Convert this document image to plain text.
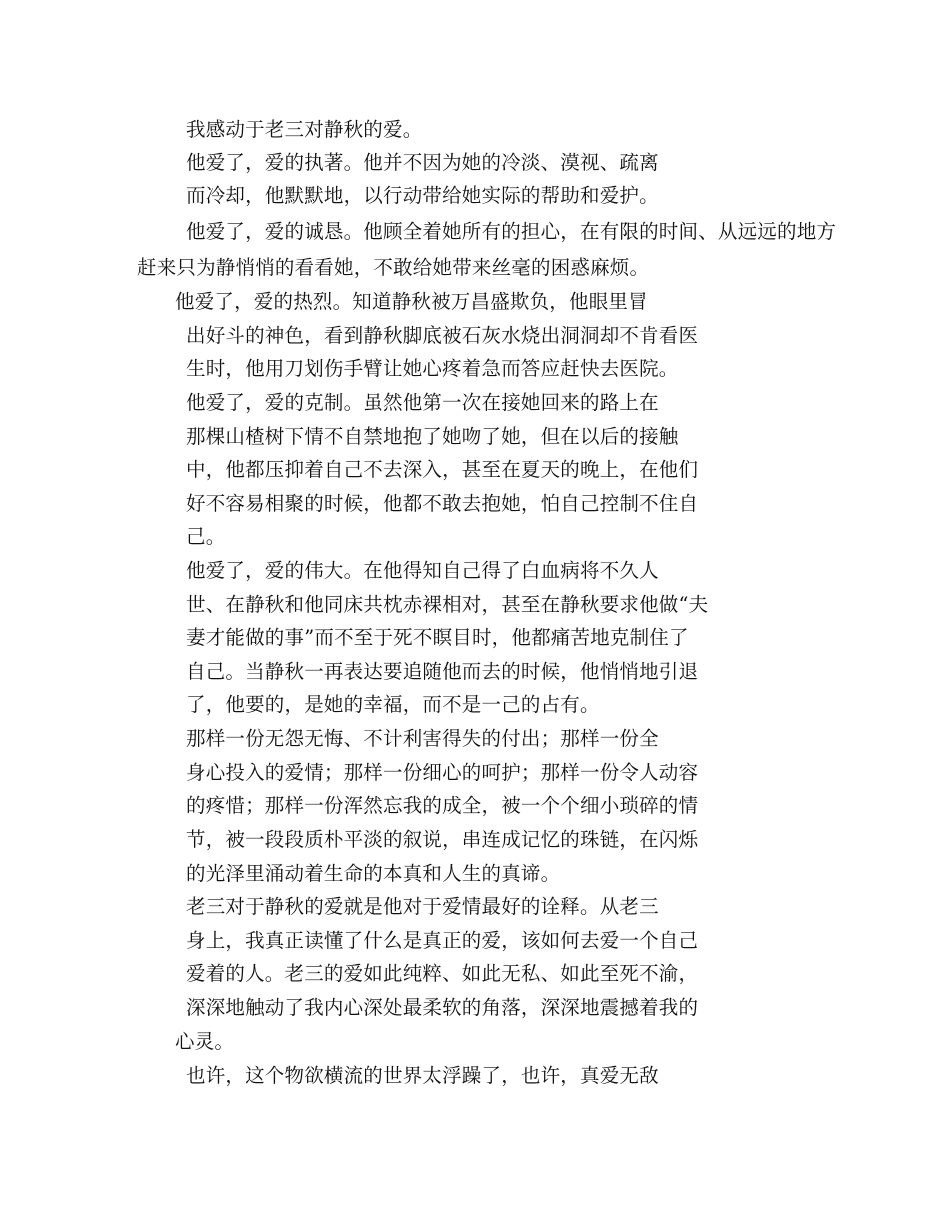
我感动于老三对静秋的爱。
他爱了，爱的执著。他并不因为她的冷淡、漠视、疏离
而冷却，他默默地，以行动带给她实际的帮助和爱护。
他爱了，爱的诚恳。他顾全着她所有的担心，在有限的时间、从远远的地方
赶来只为静悄悄的看看她，不敢给她带来丝毫的困惑麻烦。
他爱了，爱的热烈。知道静秋被万昌盛欺负，他眼里冒
出好斗的神色，看到静秋脚底被石灰水烧出洞洞却不肯看医
生时，他用刀划伤手臂让她心疼着急而答应赶快去医院。
他爱了，爱的克制。虽然他第一次在接她回来的路上在
那棵山楂树下情不自禁地抱了她吻了她，但在以后的接触
中，他都压抑着自己不去深入，甚至在夏天的晚上，在他们
好不容易相聚的时候，他都不敢去抱她，怕自己控制不住自
己。
他爱了，爱的伟大。在他得知自己得了白血病将不久人
世、在静秋和他同床共枕赤裸相对，甚至在静秋要求他做“夫
妻才能做的事”而不至于死不瞑目时，他都痛苦地克制住了
自己。当静秋一再表达要追随他而去的时候，他悄悄地引退
了，他要的，是她的幸福，而不是一己的占有。
那样一份无怨无悔、不计利害得失的付出；那样一份全
身心投入的爱情；那样一份细心的呵护；那样一份令人动容
的疼惜；那样一份浑然忘我的成全，被一个个细小琐碎的情
节，被一段段质朴平淡的叙说，串连成记忆的珠链，在闪烁
的光泽里涌动着生命的本真和人生的真谛。
老三对于静秋的爱就是他对于爱情最好的诠释。从老三
身上，我真正读懂了什么是真正的爱，该如何去爱一个自己
爱着的人。老三的爱如此纯粹、如此无私、如此至死不渝，
深深地触动了我内心深处最柔软的角落，深深地震撼着我的
心灵。
也许，这个物欲横流的世界太浮躁了，也许，真爱无敌
